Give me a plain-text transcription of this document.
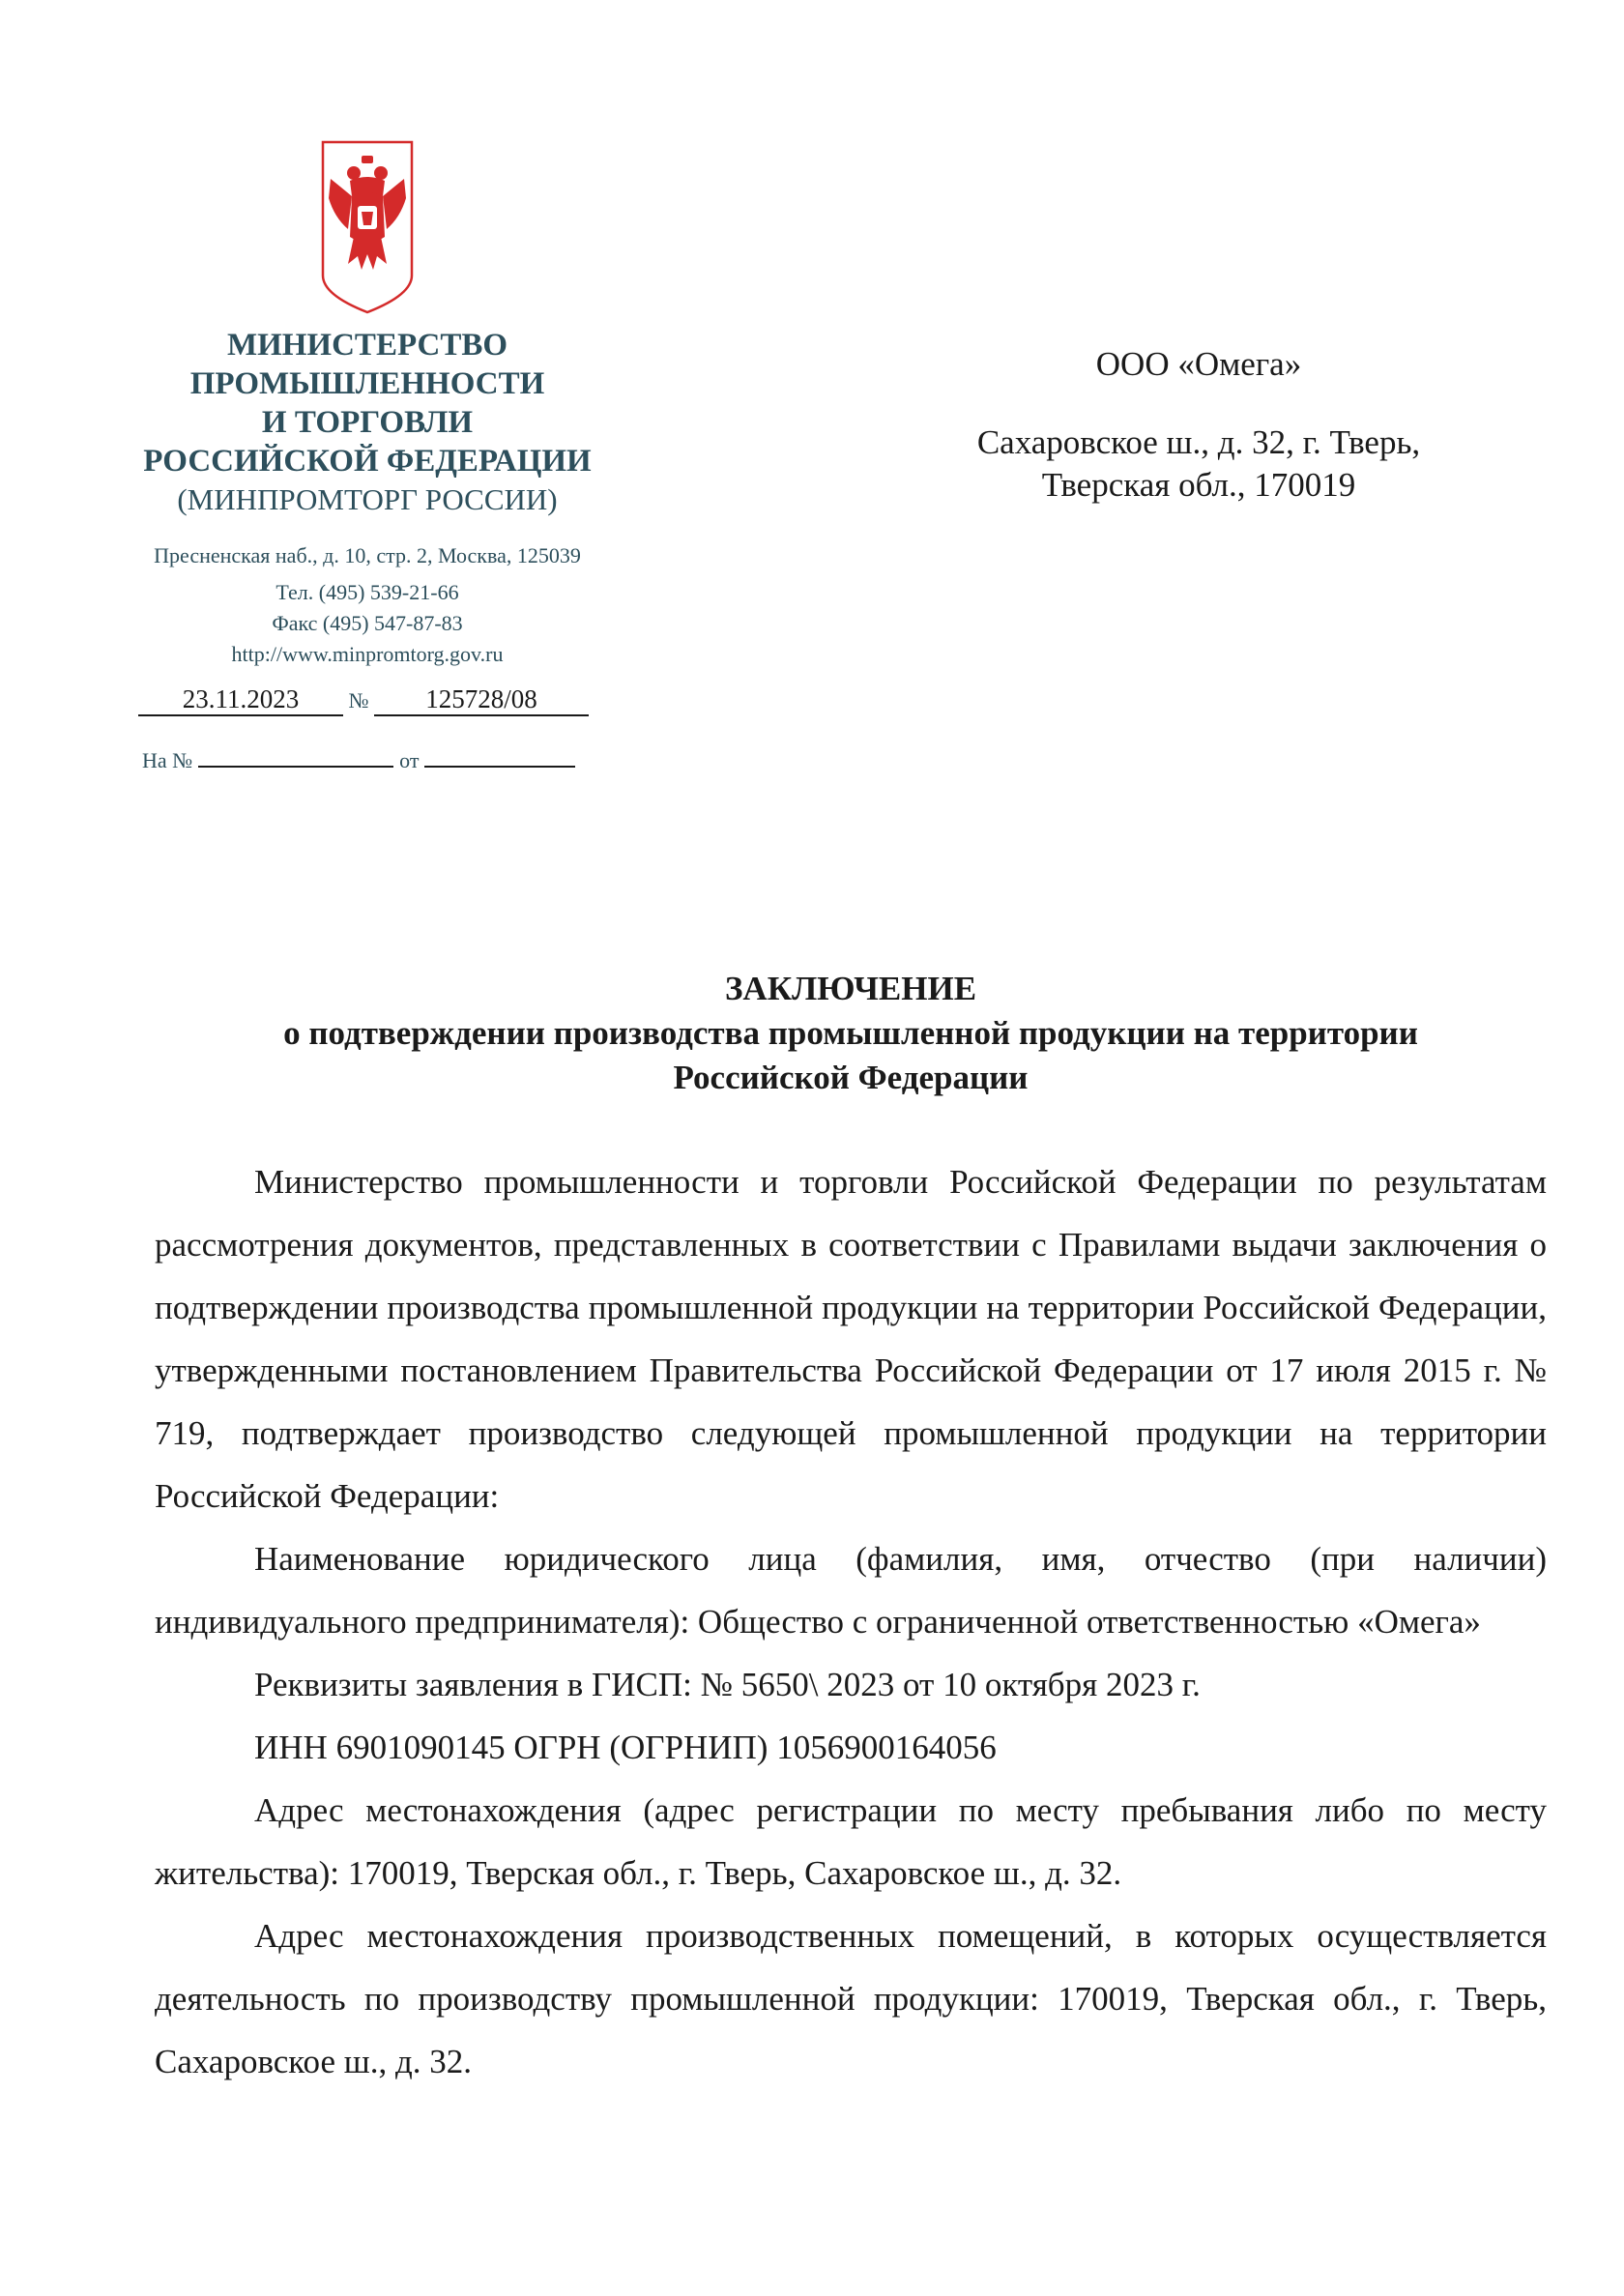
МИНИСТЕРСТВО
ПРОМЫШЛЕННОСТИ
И ТОРГОВЛИ
РОССИЙСКОЙ ФЕДЕРАЦИИ
(МИНПРОМТОРГ РОССИИ)
Пресненская наб., д. 10, стр. 2, Москва, 125039
Тел. (495) 539-21-66
Факс (495) 547-87-83
http://www.minpromtorg.gov.ru
23.11.2023 № 125728/08
На №	от
ООО «Омега»
Сахаровское ш., д. 32, г. Тверь,
Тверская обл., 170019
ЗАКЛЮЧЕНИЕ
о подтверждении производства промышленной продукции на территории
Российской Федерации

Министерство промышленности и торговли Российской Федерации по результатам рассмотрения документов, представленных в соответствии с Правилами выдачи заключения о подтверждении производства промышленной продукции на территории Российской Федерации, утвержденными постановлением Правительства Российской Федерации от 17 июля 2015 г. № 719, подтверждает производство следующей промышленной продукции на территории Российской Федерации:

Наименование юридического лица (фамилия, имя, отчество (при наличии) индивидуального предпринимателя): Общество с ограниченной ответственностью «Омега»

Реквизиты заявления в ГИСП: № 5650\ 2023 от 10 октября 2023 г.

ИНН 6901090145 ОГРН (ОГРНИП) 1056900164056

Адрес местонахождения (адрес регистрации по месту пребывания либо по месту жительства): 170019, Тверская обл., г. Тверь, Сахаровское ш., д. 32.

Адрес местонахождения производственных помещений, в которых осуществляется деятельность по производству промышленной продукции: 170019, Тверская обл., г. Тверь, Сахаровское ш., д. 32.
